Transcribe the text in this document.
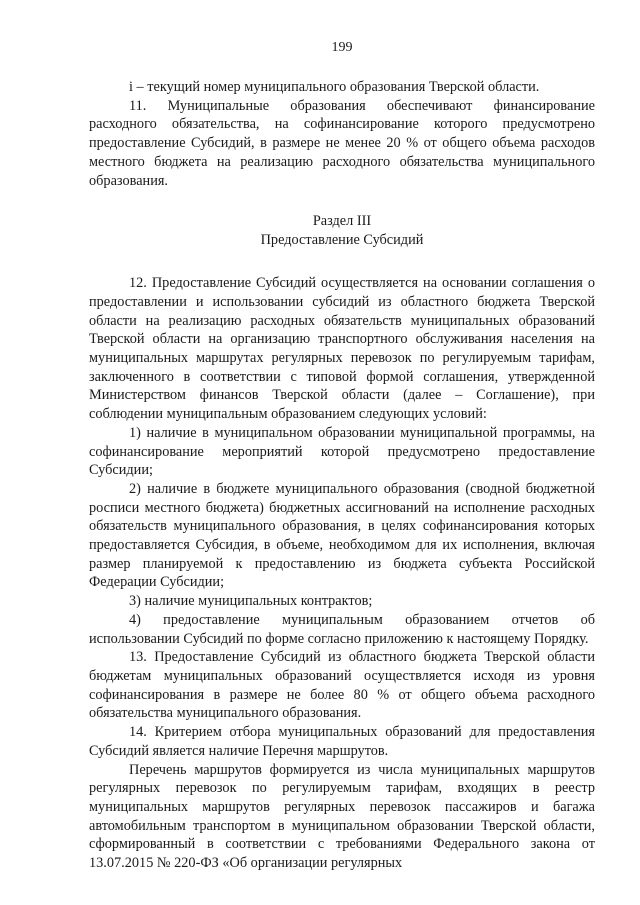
199

i – текущий номер муниципального образования Тверской области.

11. Муниципальные образования обеспечивают финансирование расходного обязательства, на софинансирование которого предусмотрено предоставление Субсидий, в размере не менее 20 % от общего объема расходов местного бюджета на реализацию расходного обязательства муниципального образования.

Раздел III
Предоставление Субсидий

12. Предоставление Субсидий осуществляется на основании соглашения о предоставлении и использовании субсидий из областного бюджета Тверской области на реализацию расходных обязательств муниципальных образований Тверской области на организацию транспортного обслуживания населения на муниципальных маршрутах регулярных перевозок по регулируемым тарифам, заключенного в соответствии с типовой формой соглашения, утвержденной Министерством финансов Тверской области (далее – Соглашение), при соблюдении муниципальным образованием следующих условий:

1) наличие в муниципальном образовании муниципальной программы, на софинансирование мероприятий которой предусмотрено предоставление Субсидии;

2) наличие в бюджете муниципального образования (сводной бюджетной росписи местного бюджета) бюджетных ассигнований на исполнение расходных обязательств муниципального образования, в целях софинансирования которых предоставляется Субсидия, в объеме, необходимом для их исполнения, включая размер планируемой к предоставлению из бюджета субъекта Российской Федерации Субсидии;

3) наличие муниципальных контрактов;

4) предоставление муниципальным образованием отчетов об использовании Субсидий по форме согласно приложению к настоящему Порядку.

13. Предоставление Субсидий из областного бюджета Тверской области бюджетам муниципальных образований осуществляется исходя из уровня софинансирования в размере не более 80 % от общего объема расходного обязательства муниципального образования.

14. Критерием отбора муниципальных образований для предоставления Субсидий является наличие Перечня маршрутов.

Перечень маршрутов формируется из числа муниципальных маршрутов регулярных перевозок по регулируемым тарифам, входящих в реестр муниципальных маршрутов регулярных перевозок пассажиров и багажа автомобильным транспортом в муниципальном образовании Тверской области, сформированный в соответствии с требованиями Федерального закона от 13.07.2015 № 220-ФЗ «Об организации регулярных
